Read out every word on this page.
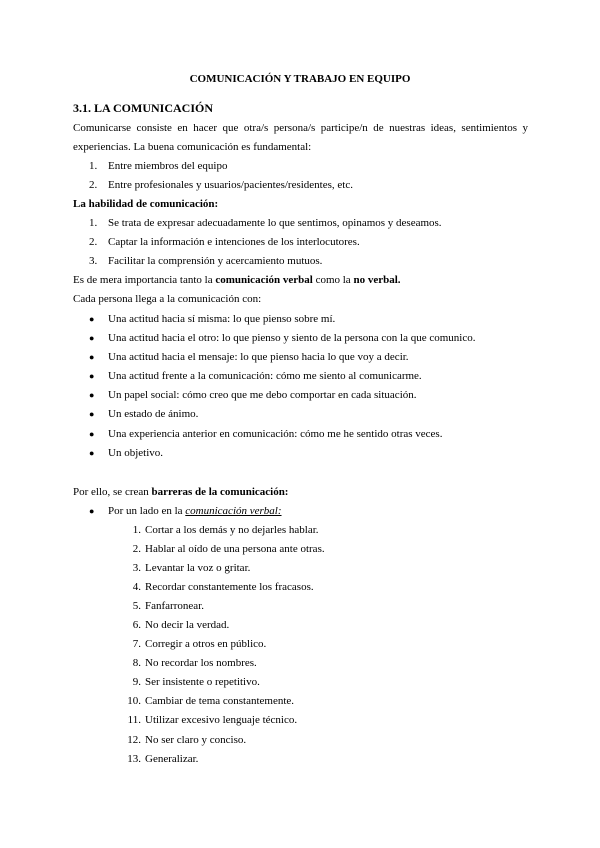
COMUNICACIÓN Y TRABAJO EN EQUIPO
3.1. LA COMUNICACIÓN
Comunicarse consiste en hacer que otra/s persona/s participe/n de nuestras ideas, sentimientos y
experiencias. La buena comunicación es fundamental:
1. Entre miembros del equipo
2. Entre profesionales y usuarios/pacientes/residentes, etc.
La habilidad de comunicación:
1. Se trata de expresar adecuadamente lo que sentimos, opinamos y deseamos.
2. Captar la información e intenciones de los interlocutores.
3. Facilitar la comprensión y acercamiento mutuos.
Es de mera importancia tanto la comunicación verbal como la no verbal.
Cada persona llega a la comunicación con:
● Una actitud hacia sí misma: lo que pienso sobre mí.
● Una actitud hacia el otro: lo que pienso y siento de la persona con la que comunico.
● Una actitud hacia el mensaje: lo que pienso hacia lo que voy a decir.
● Una actitud frente a la comunicación: cómo me siento al comunicarme.
● Un papel social: cómo creo que me debo comportar en cada situación.
● Un estado de ánimo.
● Una experiencia anterior en comunicación: cómo me he sentido otras veces.
● Un objetivo.
Por ello, se crean barreras de la comunicación:
● Por un lado en la comunicación verbal:
1. Cortar a los demás y no dejarles hablar.
2. Hablar al oído de una persona ante otras.
3. Levantar la voz o gritar.
4. Recordar constantemente los fracasos.
5. Fanfarronear.
6. No decir la verdad.
7. Corregir a otros en público.
8. No recordar los nombres.
9. Ser insistente o repetitivo.
10. Cambiar de tema constantemente.
11. Utilizar excesivo lenguaje técnico.
12. No ser claro y conciso.
13. Generalizar.
